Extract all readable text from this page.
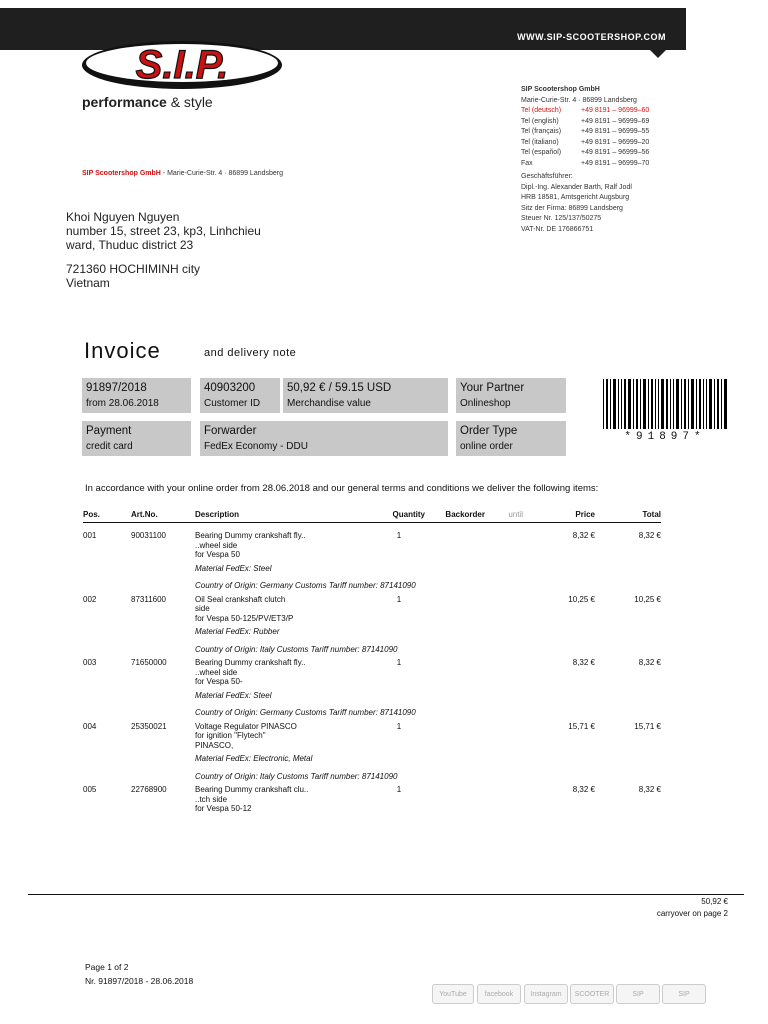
WWW.SIP-SCOOTERSHOP.COM
S.I.P.
performance & style
SIP Scootershop GmbH - Marie-Curie-Str. 4 · 86899 Landsberg
SIP Scootershop GmbH
Marie-Curie-Str. 4 · 86899 Landsberg
Tel (deutsch)	+49 8191 – 96999–60
Tel (english)	+49 8191 – 96999–69
Tel (français)	+49 8191 – 96999–55
Tel (italiano)	+49 8191 – 96999–20
Tel (español)	+49 8191 – 96999–56
Fax	+49 8191 – 96999–70
Geschäftsführer:
Dipl.-Ing. Alexander Barth, Ralf Jodl
HRB 18581, Amtsgericht Augsburg
Sitz der Firma: 86899 Landsberg
Steuer Nr. 125/137/50275
VAT-Nr. DE 176866751
Khoi Nguyen Nguyen
number 15, street 23, kp3, Linhchieu
ward, Thuduc district 23
721360 HOCHIMINH city
Vietnam
Invoice	and delivery note
91897/2018
from 28.06.2018
40903200
Customer ID
50,92 € / 59.15 USD
Merchandise value
Your Partner
Onlineshop
Payment
credit card
Forwarder
FedEx Economy - DDU
Order Type
online order
*91897*
In accordance with your online order from 28.06.2018 and our general terms and conditions we deliver the following items:
Pos.	Art.No.	Description	Quantity	Backorder	until	Price	Total

001	90031100	Bearing Dummy crankshaft fly..
..wheel side
for Vespa 50	1			8,32 €	8,32 €
		Material FedEx: Steel					
		Country of Origin: Germany Customs Tariff number: 87141090					
002	87311600	Oil Seal crankshaft clutch
side
for Vespa 50-125/PV/ET3/P	1			10,25 €	10,25 €
		Material FedEx: Rubber					
		Country of Origin: Italy Customs Tariff number: 87141090					
003	71650000	Bearing Dummy crankshaft fly..
..wheel side
for Vespa 50-	1			8,32 €	8,32 €
		Material FedEx: Steel					
		Country of Origin: Germany Customs Tariff number: 87141090					
004	25350021	Voltage Regulator PINASCO
for ignition "Flytech"
PINASCO,	1			15,71 €	15,71 €
		Material FedEx: Electronic, Metal					
		Country of Origin: Italy Customs Tariff number: 87141090					
005	22768900	Bearing Dummy crankshaft clu..
..tch side
for Vespa 50-12	1			8,32 €	8,32 €
50,92 €
carryover on page 2
Page 1 of 2
Nr. 91897/2018 - 28.06.2018
YouTube	facebook	Instagram	SCOOTER	SIP	SIP
